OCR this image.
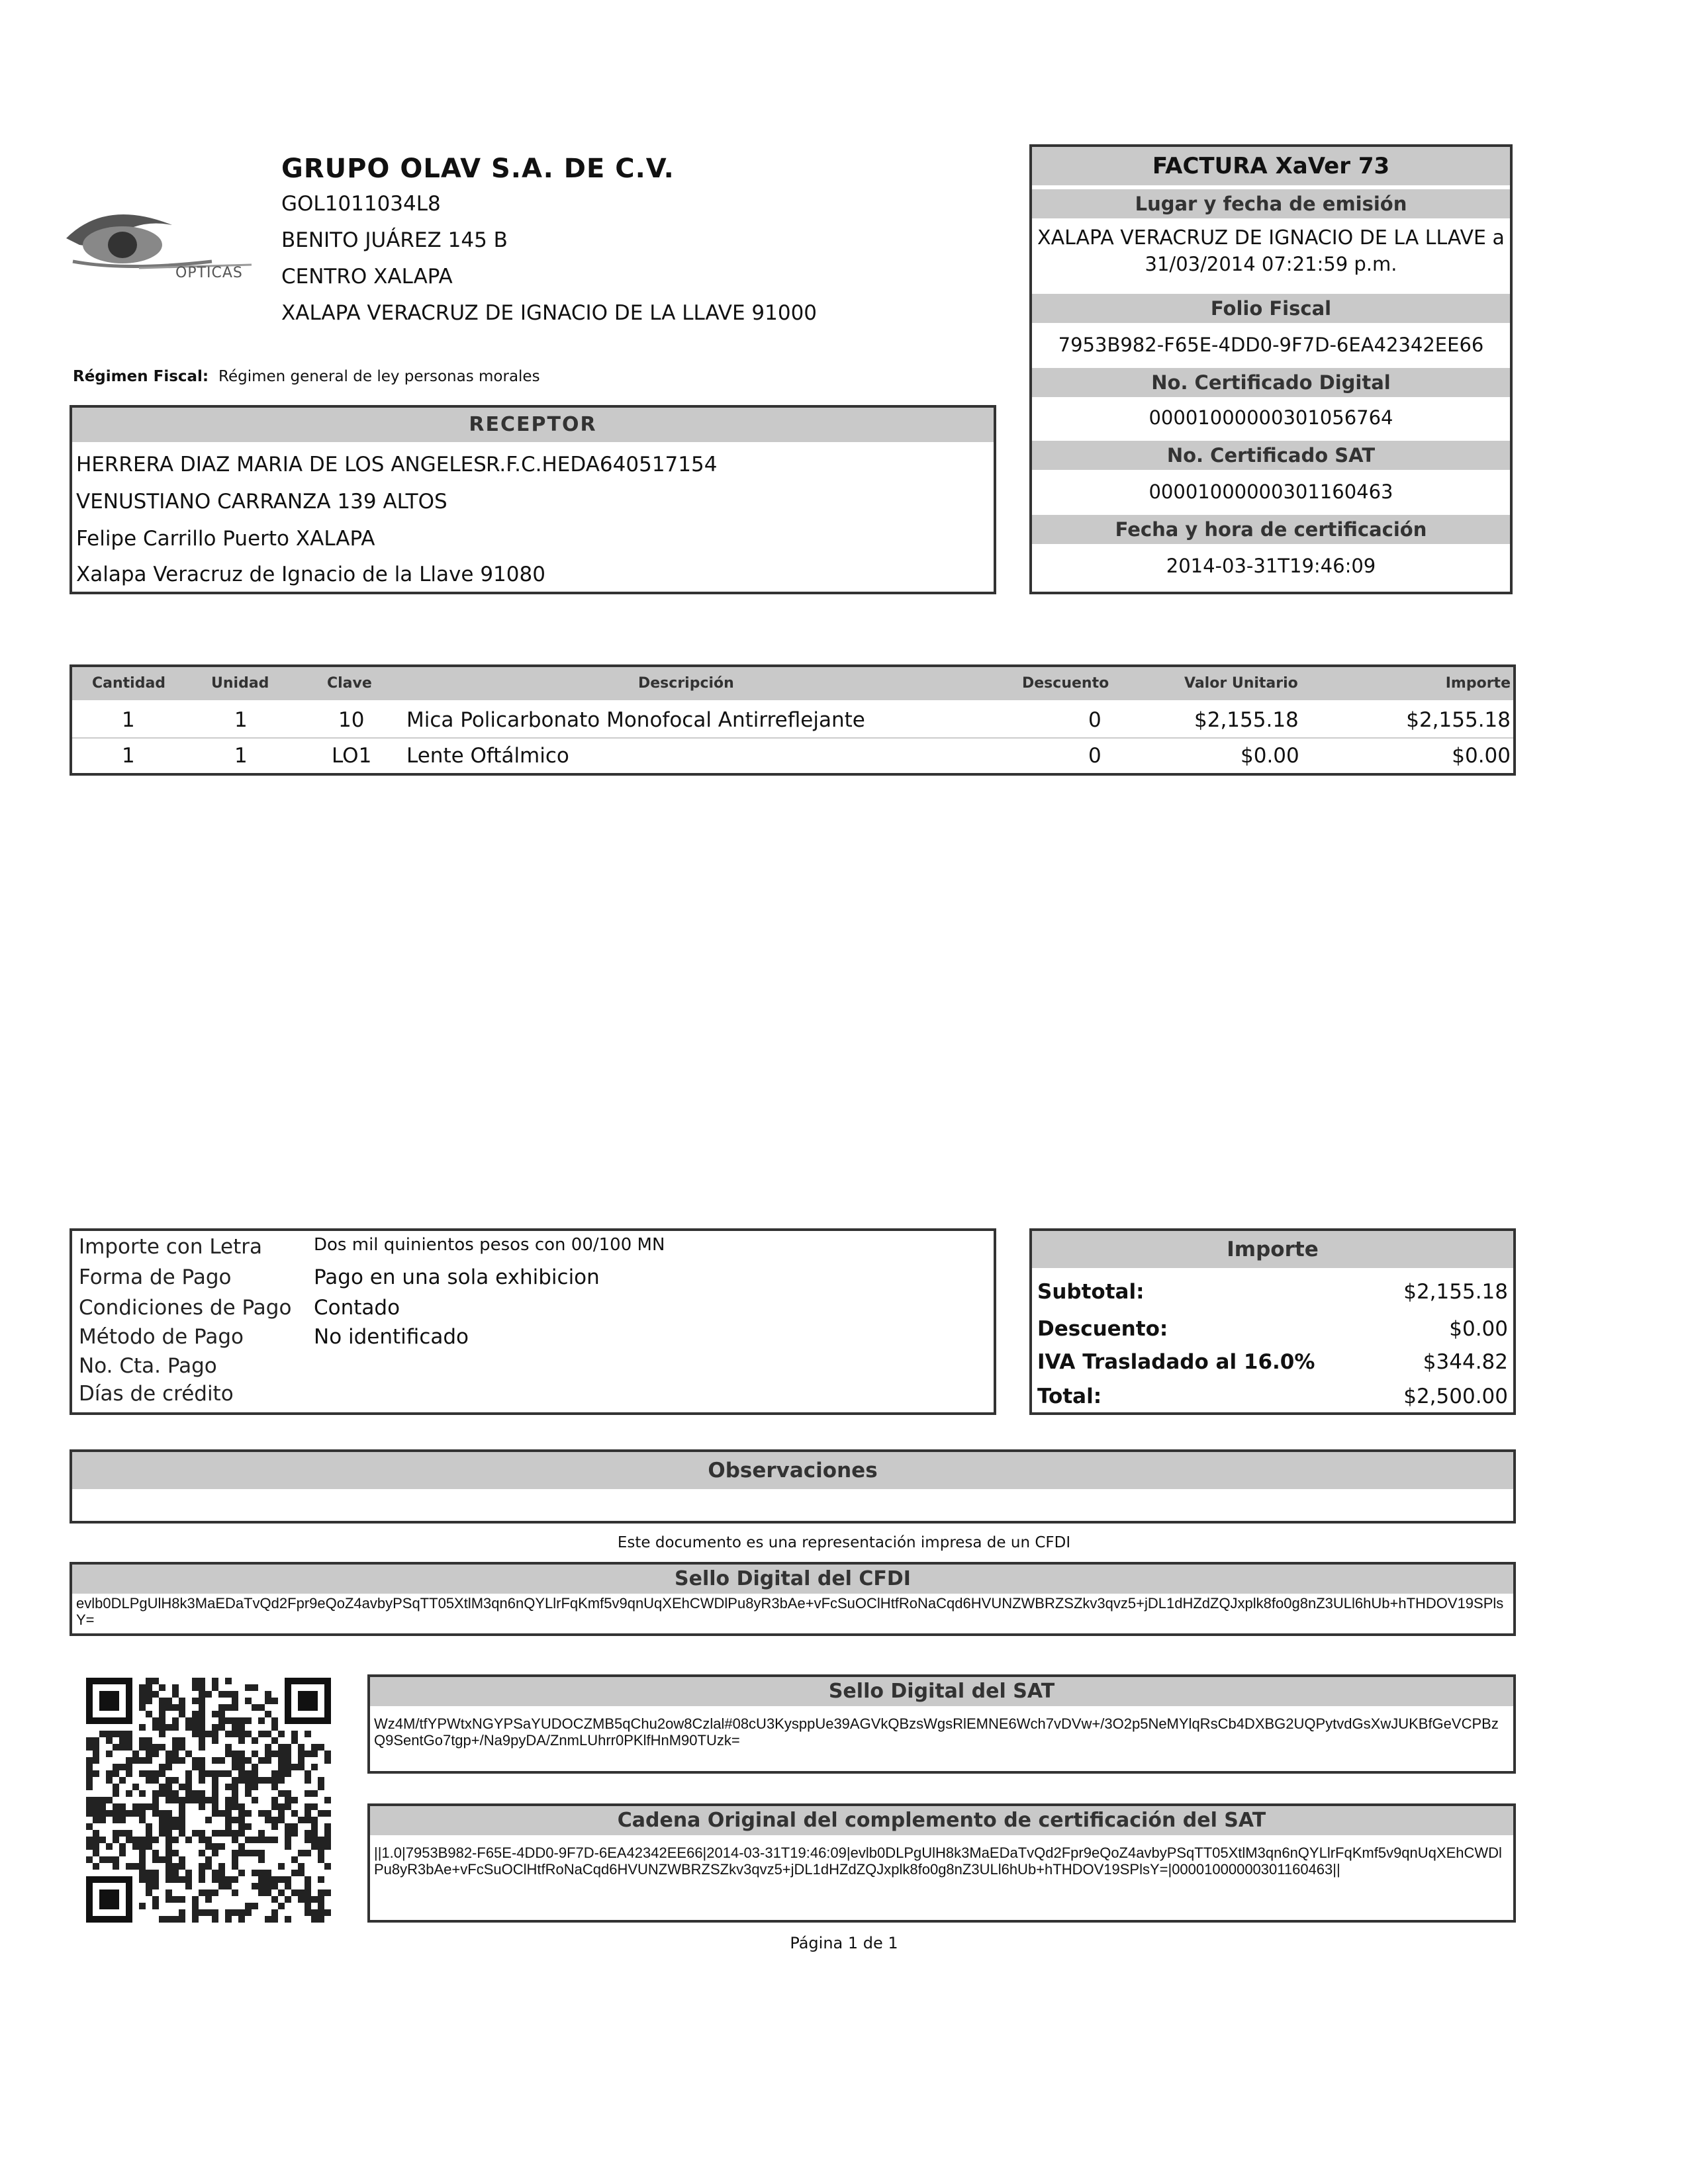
OPTICAS
GRUPO OLAV S.A. DE C.V.
GOL1011034L8
BENITO JUÁREZ 145 B
CENTRO XALAPA
XALAPA VERACRUZ DE IGNACIO DE LA LLAVE 91000
Régimen Fiscal: Régimen general de ley personas morales
RECEPTOR
HERRERA DIAZ MARIA DE LOS ANGELES R.F.C.HEDA640517154
VENUSTIANO CARRANZA 139 ALTOS
Felipe Carrillo Puerto XALAPA
Xalapa Veracruz de Ignacio de la Llave 91080
FACTURA XaVer 73
Lugar y fecha de emisión
XALAPA VERACRUZ DE IGNACIO DE LA LLAVE a
31/03/2014 07:21:59 p.m.
Folio Fiscal
7953B982-F65E-4DD0-9F7D-6EA42342EE66
No. Certificado Digital
00001000000301056764
No. Certificado SAT
00001000000301160463
Fecha y hora de certificación
2014-03-31T19:46:09
Cantidad	Unidad	Clave	Descripción	Descuento	Valor Unitario	Importe
1	1	10 Mica Policarbonato Monofocal Antirreflejante	0	$2,155.18	$2,155.18
1	1	LO1 Lente Oftálmico	0	$0.00	$0.00
Importe con Letra	Dos mil quinientos pesos con 00/100 MN
Forma de Pago	Pago en una sola exhibicion
Condiciones de Pago Contado
Método de Pago	No identificado
No. Cta. Pago
Días de crédito
Importe
Subtotal:	$2,155.18
Descuento:	$0.00
IVA Trasladado al 16.0%	$344.82
Total:	$2,500.00
Observaciones
Este documento es una representación impresa de un CFDI
Sello Digital del CFDI
evlb0DLPgUlH8k3MaEDaTvQd2Fpr9eQoZ4avbyPSqTT05XtlM3qn6nQYLlrFqKmf5v9qnUqXEhCWDlPu8yR3bAe+vFcSuOClHtfRoNaCqd6HVUNZWBRZSZkv3qvz5+jDL1dHZdZQJxplk8fo0g8nZ3ULl6hUb+hTHDOV19SPlsY=
Sello Digital del SAT
Wz4M/tfYPWtxNGYPSaYUDOCZMB5qChu2ow8Czlal#08cU3KysppUe39AGVkQBzsWgsRlEMNE6Wch7vDVw+/3O2p5NeMYlqRsCb4DXBG2UQPytvdGsXwJUKBfGeVCPBzQ9SentGo7tgp+/Na9pyDA/ZnmLUhrr0PKlfHnM90TUzk=
Cadena Original del complemento de certificación del SAT
||1.0|7953B982-F65E-4DD0-9F7D-6EA42342EE66|2014-03-31T19:46:09|evlb0DLPgUlH8k3MaEDaTvQd2Fpr9eQoZ4avbyPSqTT05XtlM3qn6nQYLlrFqKmf5v9qnUqXEhCWDlPu8yR3bAe+vFcSuOClHtfRoNaCqd6HVUNZWBRZSZkv3qvz5+jDL1dHZdZQJxplk8fo0g8nZ3ULl6hUb+hTHDOV19SPlsY=|00001000000301160463||
Página 1 de 1
